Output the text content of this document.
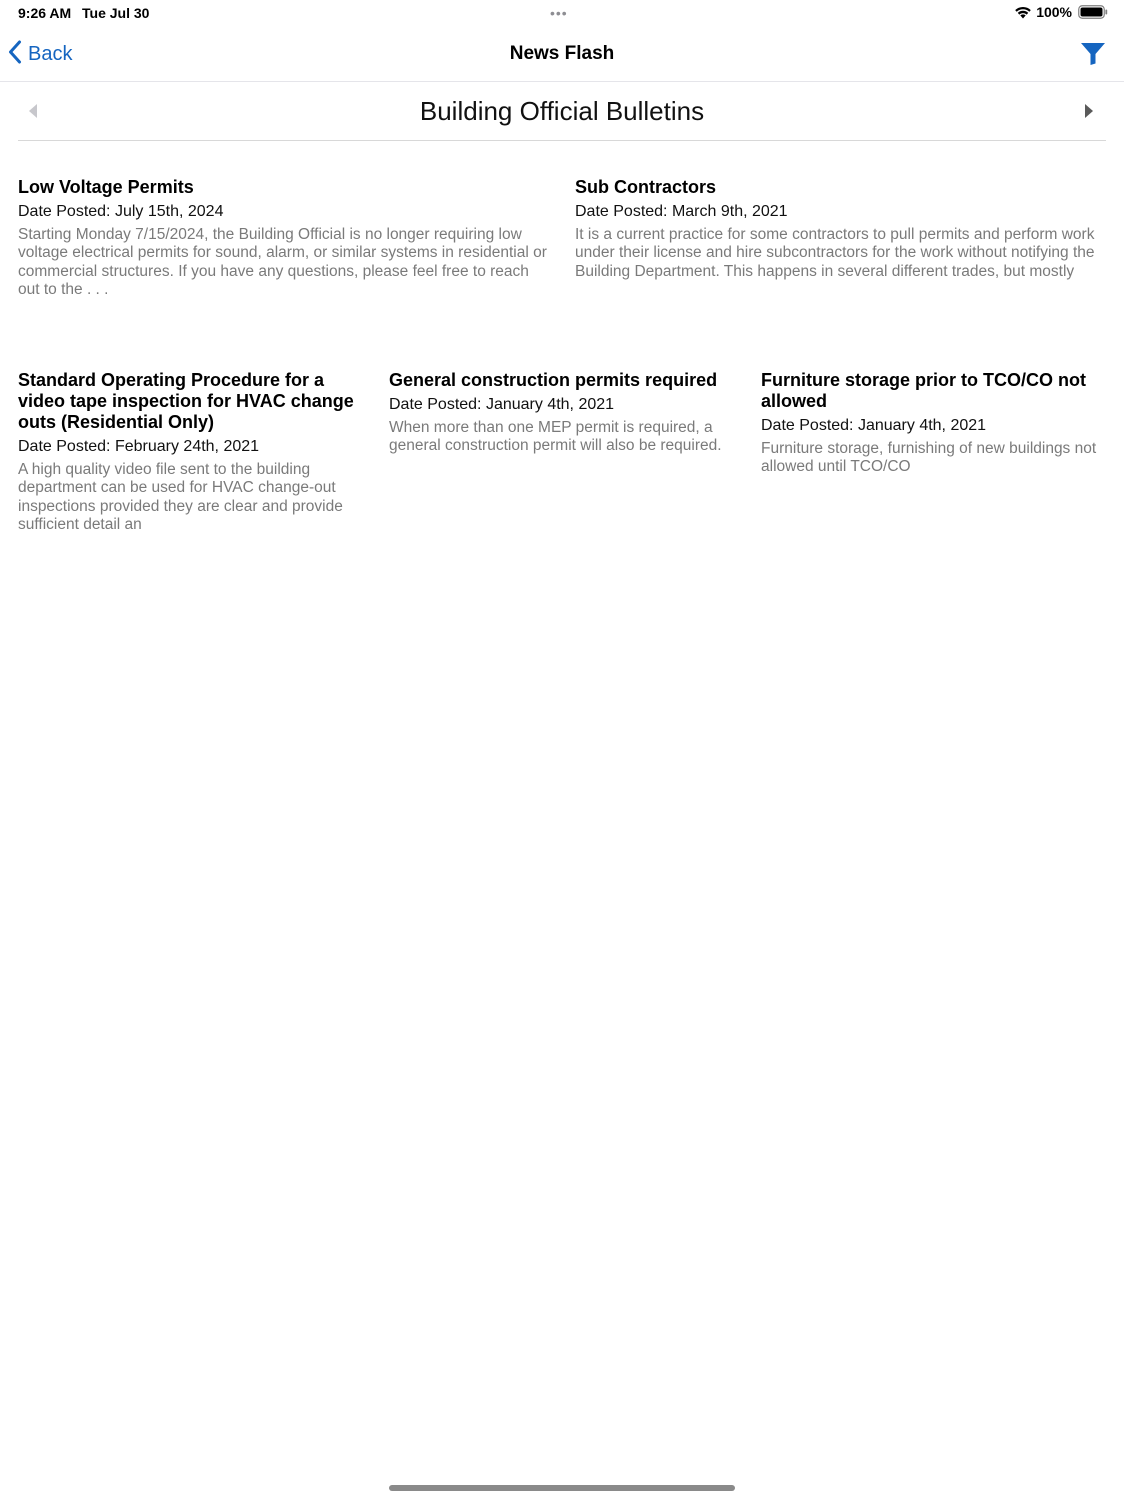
9:26 AM Tue Jul 30	•••	100%
Back	News Flash
Building Official Bulletins
Low Voltage Permits
Date Posted: July 15th, 2024
Starting Monday 7/15/2024, the Building Official is no longer requiring low voltage electrical permits for sound, alarm, or similar systems in residential or commercial structures. If you have any questions, please feel free to reach out to the . . .
Sub Contractors
Date Posted: March 9th, 2021
It is a current practice for some contractors to pull permits and perform work under their license and hire subcontractors for the work without notifying the Building Department. This happens in several different trades, but mostly
Standard Operating Procedure for a video tape inspection for HVAC change outs (Residential Only)
Date Posted: February 24th, 2021
A high quality video file sent to the building department can be used for HVAC change-out inspections provided they are clear and provide sufficient detail an
General construction permits required
Date Posted: January 4th, 2021
When more than one MEP permit is required, a general construction permit will also be required.
Furniture storage prior to TCO/CO not allowed
Date Posted: January 4th, 2021
Furniture storage, furnishing of new buildings not allowed until TCO/CO
